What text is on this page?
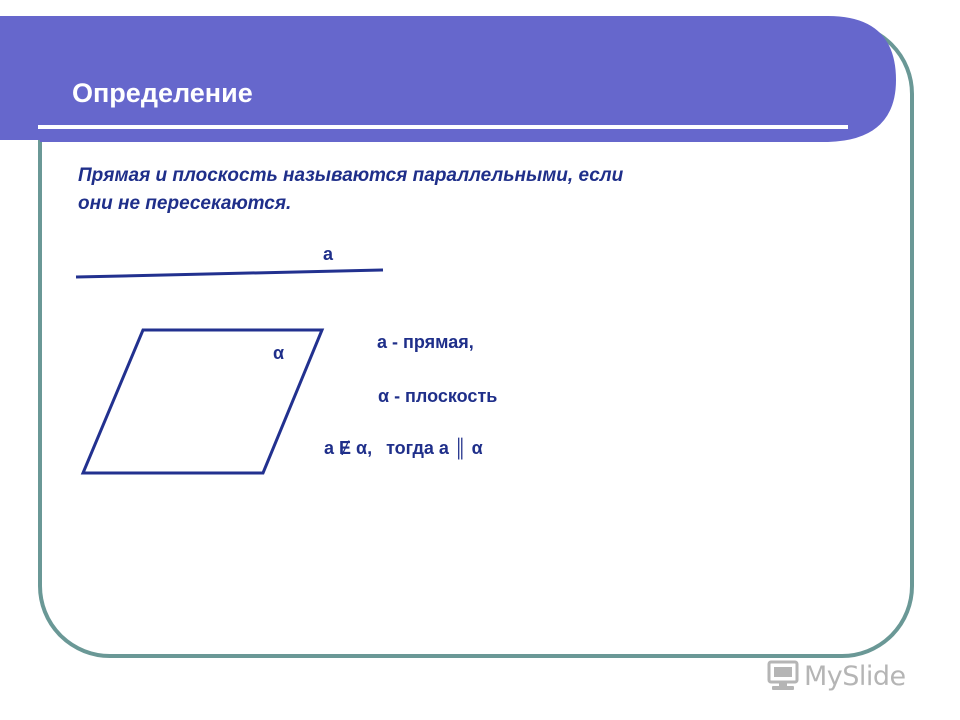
Определение
Прямая и плоскость называются параллельными, если
они не пересекаются.
a
α
a - прямая,
α - плоскость
a Ɇ α, тогда a ║ α
MySlide
